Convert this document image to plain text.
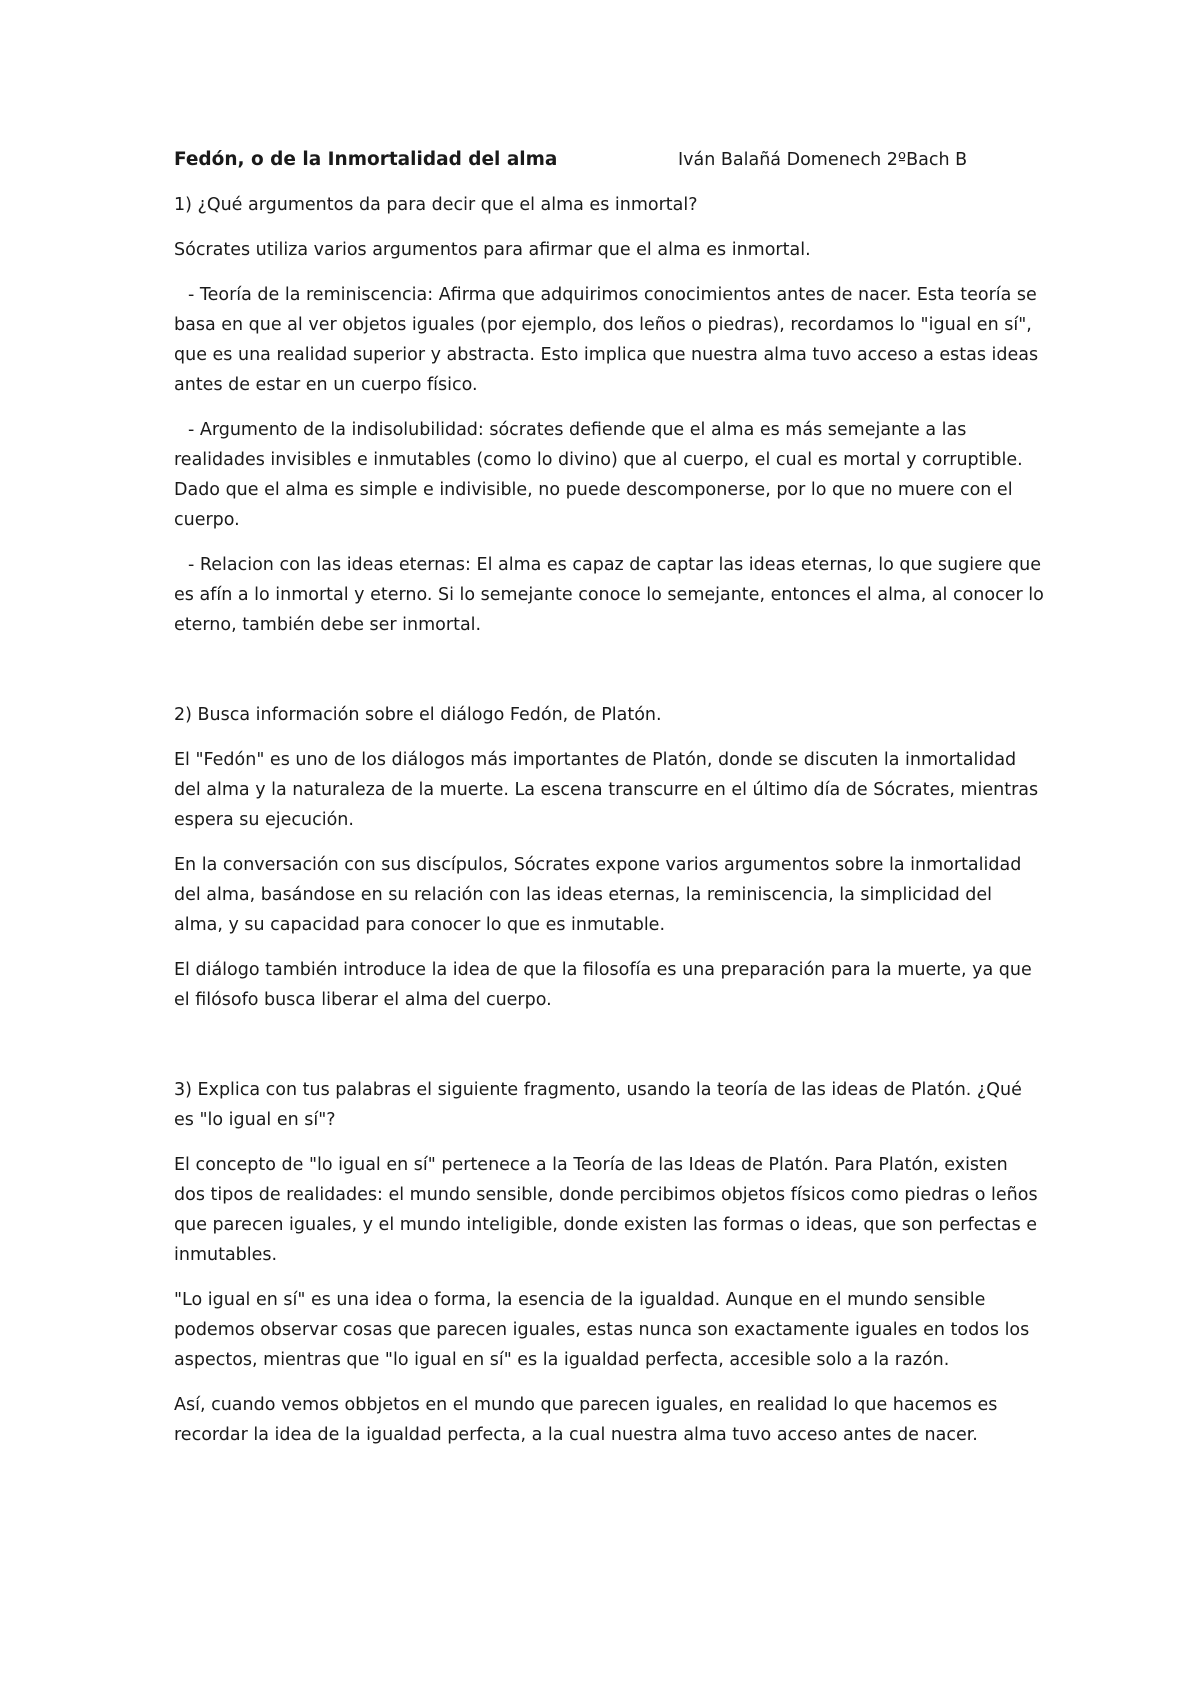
Fedón, o de la Inmortalidad del alma	Iván Balañá Domenech 2ºBach B

1) ¿Qué argumentos da para decir que el alma es inmortal?

Sócrates utiliza varios argumentos para afirmar que el alma es inmortal.

- Teoría de la reminiscencia: Afirma que adquirimos conocimientos antes de nacer. Esta teoría se basa en que al ver objetos iguales (por ejemplo, dos leños o piedras), recordamos lo "igual en sí", que es una realidad superior y abstracta. Esto implica que nuestra alma tuvo acceso a estas ideas antes de estar en un cuerpo físico.

- Argumento de la indisolubilidad: sócrates defiende que el alma es más semejante a las realidades invisibles e inmutables (como lo divino) que al cuerpo, el cual es mortal y corruptible. Dado que el alma es simple e indivisible, no puede descomponerse, por lo que no muere con el cuerpo.

- Relacion con las ideas eternas: El alma es capaz de captar las ideas eternas, lo que sugiere que es afín a lo inmortal y eterno. Si lo semejante conoce lo semejante, entonces el alma, al conocer lo eterno, también debe ser inmortal.

2) Busca información sobre el diálogo Fedón, de Platón.

El "Fedón" es uno de los diálogos más importantes de Platón, donde se discuten la inmortalidad del alma y la naturaleza de la muerte. La escena transcurre en el último día de Sócrates, mientras espera su ejecución.

En la conversación con sus discípulos, Sócrates expone varios argumentos sobre la inmortalidad del alma, basándose en su relación con las ideas eternas, la reminiscencia, la simplicidad del alma, y su capacidad para conocer lo que es inmutable.

El diálogo también introduce la idea de que la filosofía es una preparación para la muerte, ya que el filósofo busca liberar el alma del cuerpo.

3) Explica con tus palabras el siguiente fragmento, usando la teoría de las ideas de Platón. ¿Qué es "lo igual en sí"?

El concepto de "lo igual en sí" pertenece a la Teoría de las Ideas de Platón. Para Platón, existen dos tipos de realidades: el mundo sensible, donde percibimos objetos físicos como piedras o leños que parecen iguales, y el mundo inteligible, donde existen las formas o ideas, que son perfectas e inmutables.

"Lo igual en sí" es una idea o forma, la esencia de la igualdad. Aunque en el mundo sensible podemos observar cosas que parecen iguales, estas nunca son exactamente iguales en todos los aspectos, mientras que "lo igual en sí" es la igualdad perfecta, accesible solo a la razón.

Así, cuando vemos obbjetos en el mundo que parecen iguales, en realidad lo que hacemos es recordar la idea de la igualdad perfecta, a la cual nuestra alma tuvo acceso antes de nacer.
